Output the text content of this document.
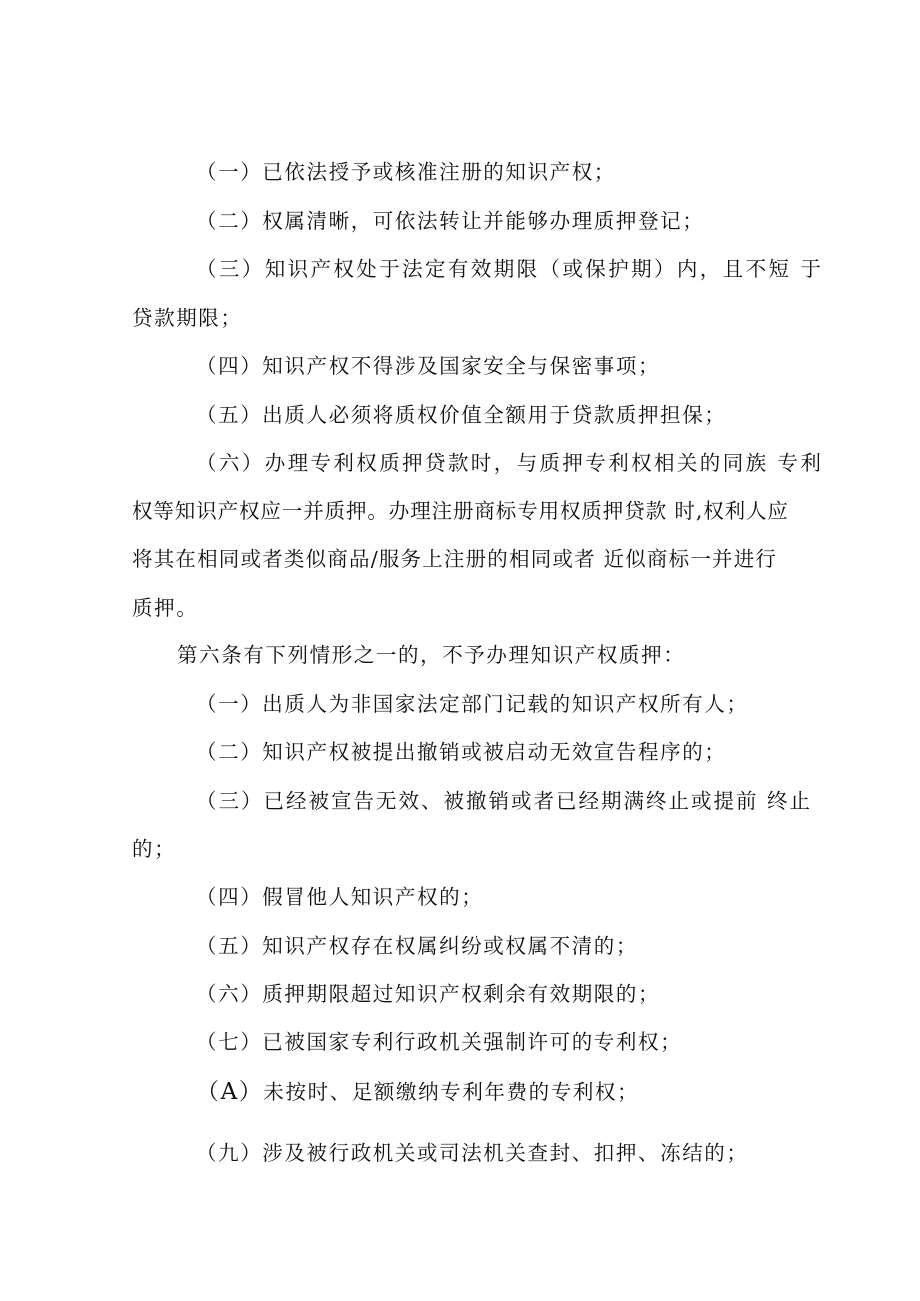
（一）已依法授予或核准注册的知识产权；
（二）权属清晰，可依法转让并能够办理质押登记；
（三）知识产权处于法定有效期限（或保护期）内，且不短 于
贷款期限；
（四）知识产权不得涉及国家安全与保密事项；
（五）出质人必须将质权价值全额用于贷款质押担保；
（六）办理专利权质押贷款时，与质押专利权相关的同族 专利
权等知识产权应一并质押。办理注册商标专用权质押贷款 时,权利人应
将其在相同或者类似商品/服务上注册的相同或者 近似商标一并进行
质押。
第六条有下列情形之一的，不予办理知识产权质押：
（一）出质人为非国家法定部门记载的知识产权所有人；
（二）知识产权被提出撤销或被启动无效宣告程序的；
（三）已经被宣告无效、被撤销或者已经期满终止或提前 终止
的；
（四）假冒他人知识产权的；
（五）知识产权存在权属纠纷或权属不清的；
（六）质押期限超过知识产权剩余有效期限的；
（七）已被国家专利行政机关强制许可的专利权；
（A）未按时、足额缴纳专利年费的专利权；
（九）涉及被行政机关或司法机关查封、扣押、冻结的；
